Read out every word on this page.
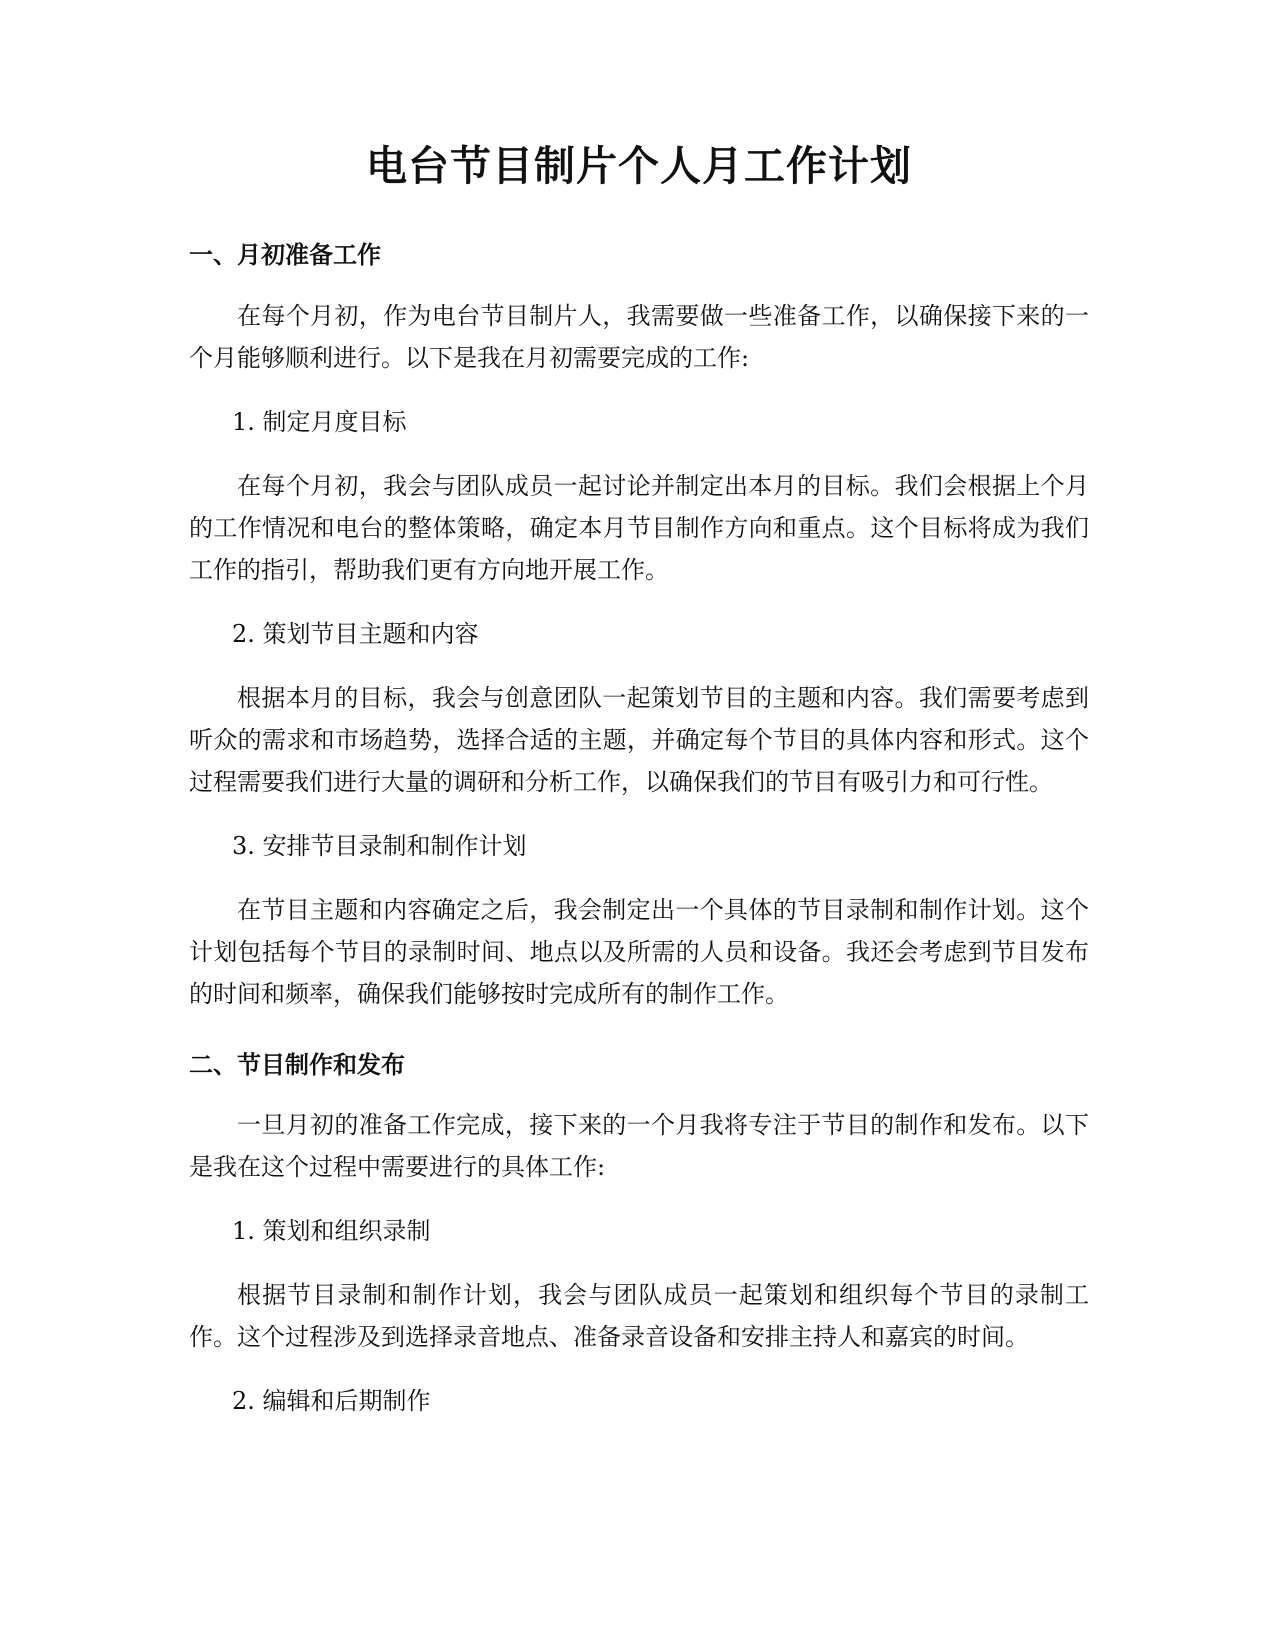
电台节目制片个人月工作计划
一、月初准备工作

在每个月初，作为电台节目制片人，我需要做一些准备工作，以确保接下来的一个月能够顺利进行。以下是我在月初需要完成的工作:

1. 制定月度目标

在每个月初，我会与团队成员一起讨论并制定出本月的目标。我们会根据上个月的工作情况和电台的整体策略，确定本月节目制作方向和重点。这个目标将成为我们工作的指引，帮助我们更有方向地开展工作。

2. 策划节目主题和内容

根据本月的目标，我会与创意团队一起策划节目的主题和内容。我们需要考虑到听众的需求和市场趋势，选择合适的主题，并确定每个节目的具体内容和形式。这个过程需要我们进行大量的调研和分析工作，以确保我们的节目有吸引力和可行性。

3. 安排节目录制和制作计划

在节目主题和内容确定之后，我会制定出一个具体的节目录制和制作计划。这个计划包括每个节目的录制时间、地点以及所需的人员和设备。我还会考虑到节目发布的时间和频率，确保我们能够按时完成所有的制作工作。

二、节目制作和发布

一旦月初的准备工作完成，接下来的一个月我将专注于节目的制作和发布。以下是我在这个过程中需要进行的具体工作:

1. 策划和组织录制

根据节目录制和制作计划，我会与团队成员一起策划和组织每个节目的录制工作。这个过程涉及到选择录音地点、准备录音设备和安排主持人和嘉宾的时间。

2. 编辑和后期制作
